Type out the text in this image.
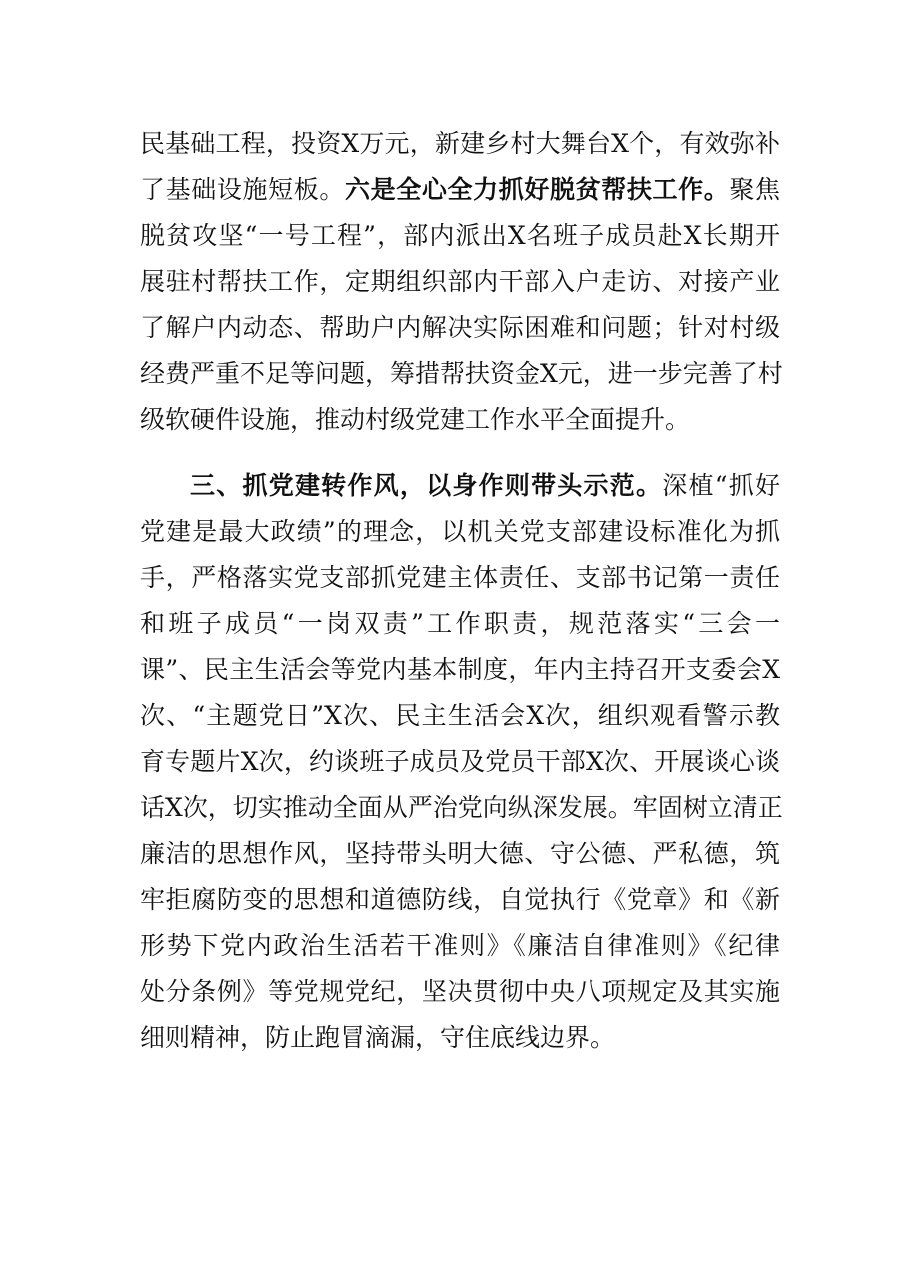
民基础工程，投资X万元，新建乡村大舞台X个，有效弥补
了基础设施短板。六是全心全力抓好脱贫帮扶工作。聚焦
脱贫攻坚“一号工程”，部内派出X名班子成员赴X长期开
展驻村帮扶工作，定期组织部内干部入户走访、对接产业
了解户内动态、帮助户内解决实际困难和问题；针对村级
经费严重不足等问题，筹措帮扶资金X元，进一步完善了村
级软硬件设施，推动村级党建工作水平全面提升。
三、抓党建转作风，以身作则带头示范。深植“抓好
党建是最大政绩”的理念，以机关党支部建设标准化为抓
手，严格落实党支部抓党建主体责任、支部书记第一责任
和班子成员“一岗双责”工作职责，规范落实“三会一
课”、民主生活会等党内基本制度，年内主持召开支委会X
次、“主题党日”X次、民主生活会X次，组织观看警示教
育专题片X次，约谈班子成员及党员干部X次、开展谈心谈
话X次，切实推动全面从严治党向纵深发展。牢固树立清正
廉洁的思想作风，坚持带头明大德、守公德、严私德，筑
牢拒腐防变的思想和道德防线，自觉执行《党章》和《新
形势下党内政治生活若干准则》《廉洁自律准则》《纪律
处分条例》等党规党纪，坚决贯彻中央八项规定及其实施
细则精神，防止跑冒滴漏，守住底线边界。
